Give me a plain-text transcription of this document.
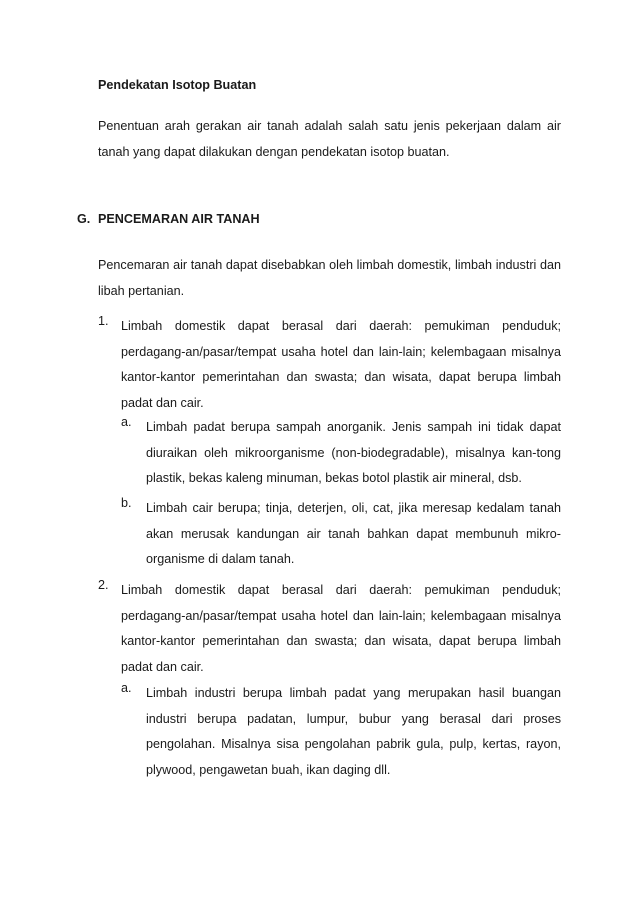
Pendekatan Isotop Buatan
Penentuan arah gerakan air tanah adalah salah satu jenis pekerjaan dalam air tanah yang dapat dilakukan dengan pendekatan isotop buatan.
G. PENCEMARAN AIR TANAH
Pencemaran air tanah dapat disebabkan oleh limbah domestik, limbah industri dan libah pertanian.
1. Limbah domestik dapat berasal dari daerah: pemukiman penduduk; perdagang-an/pasar/tempat usaha hotel dan lain-lain; kelembagaan misalnya kantor-kantor pemerintahan dan swasta; dan wisata, dapat berupa limbah padat dan cair.
a. Limbah padat berupa sampah anorganik. Jenis sampah ini tidak dapat diuraikan oleh mikroorganisme (non-biodegradable), misalnya kan-tong plastik, bekas kaleng minuman, bekas botol plastik air mineral, dsb.
b. Limbah cair berupa; tinja, deterjen, oli, cat, jika meresap kedalam tanah akan merusak kandungan air tanah bahkan dapat membunuh mikro-organisme di dalam tanah.
2. Limbah domestik dapat berasal dari daerah: pemukiman penduduk; perdagang-an/pasar/tempat usaha hotel dan lain-lain; kelembagaan misalnya kantor-kantor pemerintahan dan swasta; dan wisata, dapat berupa limbah padat dan cair.
a. Limbah industri berupa limbah padat yang merupakan hasil buangan industri berupa padatan, lumpur, bubur yang berasal dari proses pengolahan. Misalnya sisa pengolahan pabrik gula, pulp, kertas, rayon, plywood, pengawetan buah, ikan daging dll.
